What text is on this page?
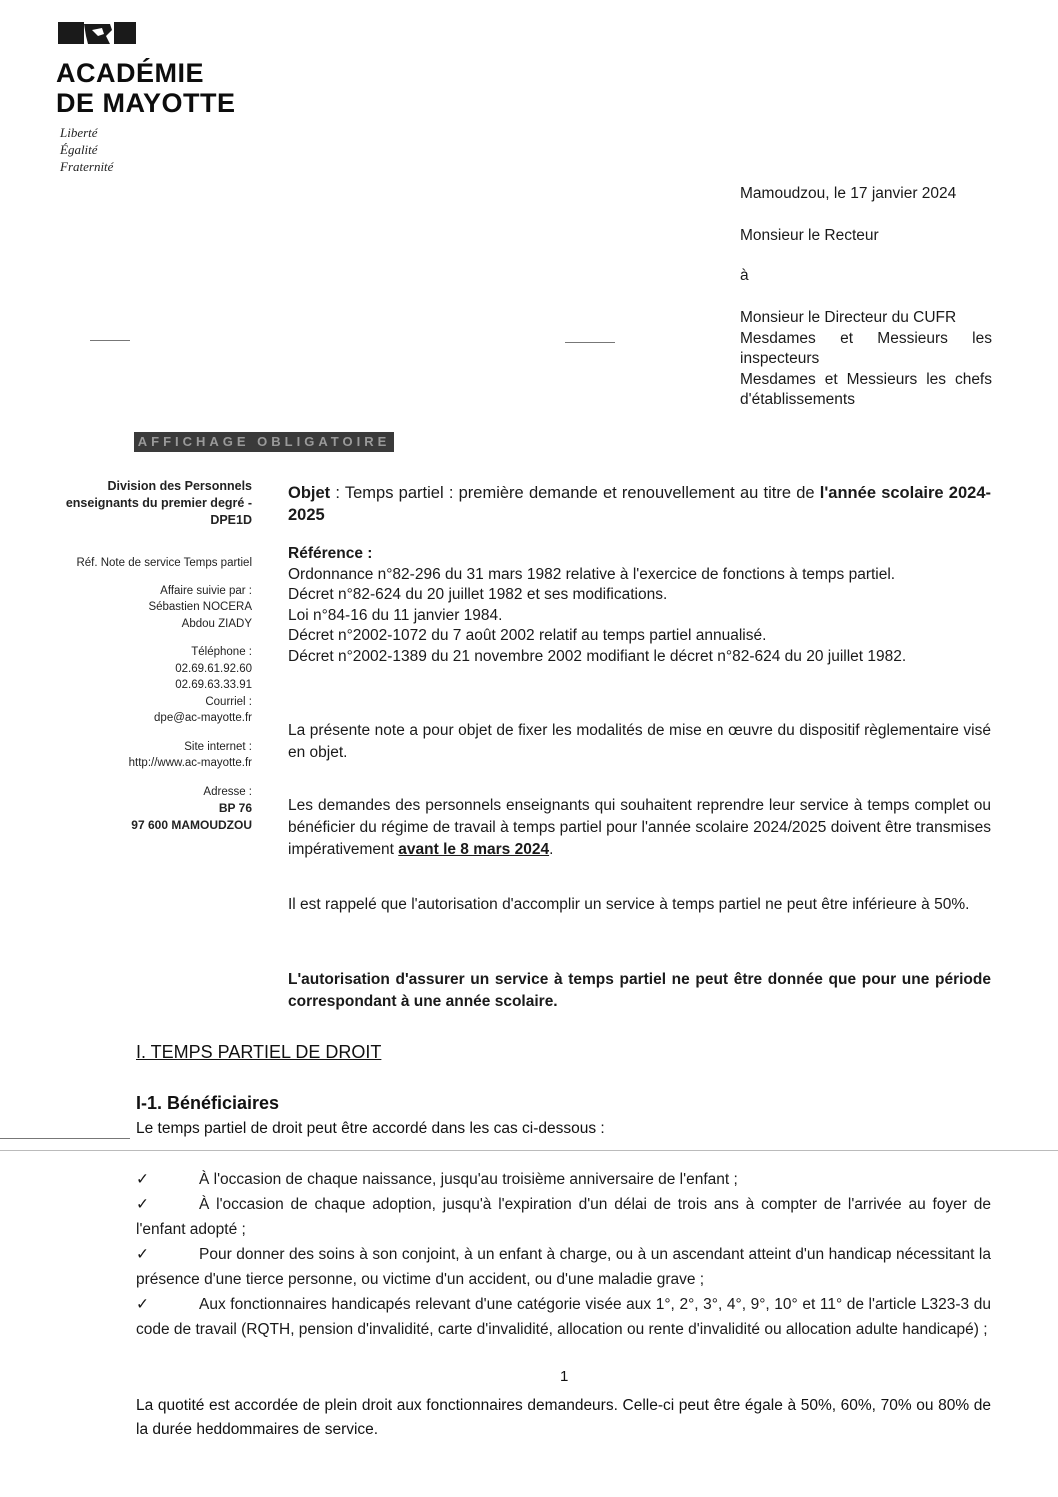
ACADÉMIE
DE MAYOTTE
Liberté
Égalité
Fraternité
Mamoudzou, le 17 janvier 2024
Monsieur le Recteur
à
Monsieur le Directeur du CUFR
Mesdames et Messieurs les inspecteurs
Mesdames et Messieurs les chefs d'établissements
AFFICHAGE OBLIGATOIRE
Division des Personnels
enseignants du premier degré -
DPE1D
Réf. Note de service Temps partiel
Affaire suivie par :
Sébastien NOCERA
Abdou ZIADY
Téléphone :
02.69.61.92.60
02.69.63.33.91
Courriel :
dpe@ac-mayotte.fr
Site internet :
http://www.ac-mayotte.fr
Adresse :
BP 76
97 600 MAMOUDZOU
Objet : Temps partiel : première demande et renouvellement au titre de l'année scolaire 2024-2025
Référence :
Ordonnance n°82-296 du 31 mars 1982 relative à l'exercice de fonctions à temps partiel.
Décret n°82-624 du 20 juillet 1982 et ses modifications.
Loi n°84-16 du 11 janvier 1984.
Décret n°2002-1072 du 7 août 2002 relatif au temps partiel annualisé.
Décret n°2002-1389 du 21 novembre 2002 modifiant le décret n°82-624 du 20 juillet 1982.
La présente note a pour objet de fixer les modalités de mise en œuvre du dispositif règlementaire visé en objet.
Les demandes des personnels enseignants qui souhaitent reprendre leur service à temps complet ou bénéficier du régime de travail à temps partiel pour l'année scolaire 2024/2025 doivent être transmises impérativement avant le 8 mars 2024.
Il est rappelé que l'autorisation d'accomplir un service à temps partiel ne peut être inférieure à 50%.
L'autorisation d'assurer un service à temps partiel ne peut être donnée que pour une période correspondant à une année scolaire.
I. TEMPS PARTIEL DE DROIT
I-1. Bénéficiaires
Le temps partiel de droit peut être accordé dans les cas ci-dessous :
✓	À l'occasion de chaque naissance, jusqu'au troisième anniversaire de l'enfant ;
✓	À l'occasion de chaque adoption, jusqu'à l'expiration d'un délai de trois ans à compter de l'arrivée au foyer de l'enfant adopté ;
✓	Pour donner des soins à son conjoint, à un enfant à charge, ou à un ascendant atteint d'un handicap nécessitant la présence d'une tierce personne, ou victime d'un accident, ou d'une maladie grave ;
✓	Aux fonctionnaires handicapés relevant d'une catégorie visée aux 1°, 2°, 3°, 4°, 9°, 10° et 11° de l'article L323-3 du code de travail (RQTH, pension d'invalidité, carte d'invalidité, allocation ou rente d'invalidité ou allocation adulte handicapé) ;
1
La quotité est accordée de plein droit aux fonctionnaires demandeurs. Celle-ci peut être égale à 50%, 60%, 70% ou 80% de la durée heddommaires de service.
